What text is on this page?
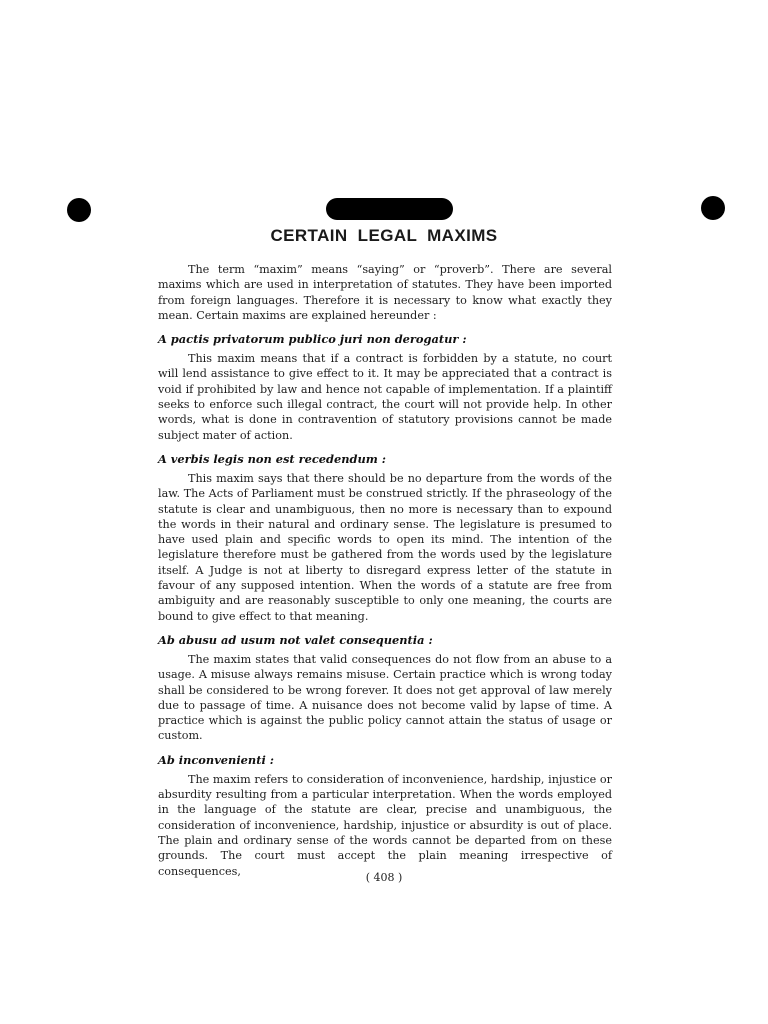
CERTAIN LEGAL MAXIMS

The term “maxim” means “saying” or “proverb”. There are several maxims which are used in interpretation of statutes. They have been imported from foreign languages. Therefore it is necessary to know what exactly they mean. Certain maxims are explained hereunder :

A pactis privatorum publico juri non derogatur :

This maxim means that if a contract is forbidden by a statute, no court will lend assistance to give effect to it. It may be appreciated that a contract is void if prohibited by law and hence not capable of implementation. If a plaintiff seeks to enforce such illegal contract, the court will not provide help. In other words, what is done in contravention of statutory provisions cannot be made subject mater of action.

A verbis legis non est recedendum :

This maxim says that there should be no departure from the words of the law. The Acts of Parliament must be construed strictly. If the phraseology of the statute is clear and unambiguous, then no more is necessary than to expound the words in their natural and ordinary sense. The legislature is presumed to have used plain and specific words to open its mind. The intention of the legislature therefore must be gathered from the words used by the legislature itself. A Judge is not at liberty to disregard express letter of the statute in favour of any supposed intention. When the words of a statute are free from ambiguity and are reasonably susceptible to only one meaning, the courts are bound to give effect to that meaning.

Ab abusu ad usum not valet consequentia :

The maxim states that valid consequences do not flow from an abuse to a usage. A misuse always remains misuse. Certain practice which is wrong today shall be considered to be wrong forever. It does not get approval of law merely due to passage of time. A nuisance does not become valid by lapse of time. A practice which is against the public policy cannot attain the status of usage or custom.

Ab inconvenienti :

The maxim refers to consideration of inconvenience, hardship, injustice or absurdity resulting from a particular interpretation. When the words employed in the language of the statute are clear, precise and unambiguous, the consideration of inconvenience, hardship, injustice or absurdity is out of place. The plain and ordinary sense of the words cannot be departed from on these grounds. The court must accept the plain meaning irrespective of consequences,	( 408 )
